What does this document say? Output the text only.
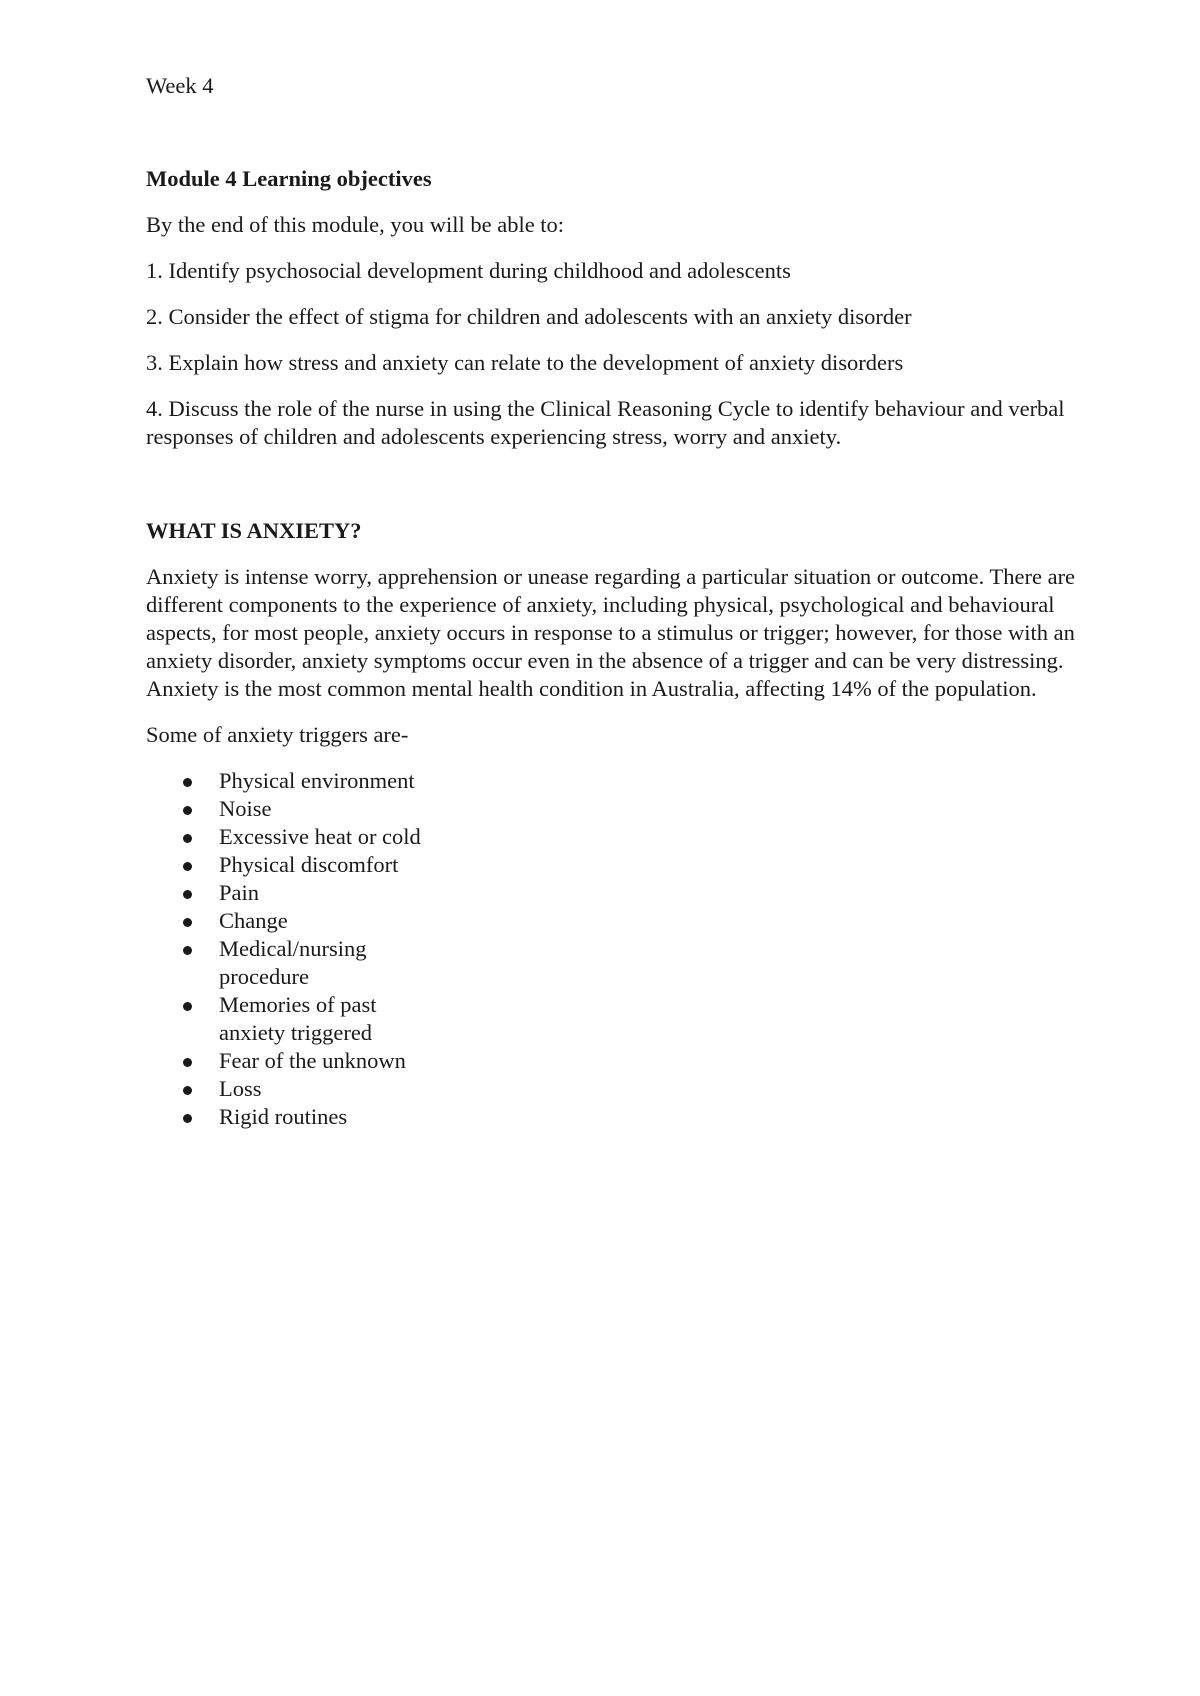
Week 4

Module 4 Learning objectives

By the end of this module, you will be able to:

1. Identify psychosocial development during childhood and adolescents
2. Consider the effect of stigma for children and adolescents with an anxiety disorder
3. Explain how stress and anxiety can relate to the development of anxiety disorders
4. Discuss the role of the nurse in using the Clinical Reasoning Cycle to identify behaviour and verbal responses of children and adolescents experiencing stress, worry and anxiety.

WHAT IS ANXIETY?

Anxiety is intense worry, apprehension or unease regarding a particular situation or outcome. There are different components to the experience of anxiety, including physical, psychological and behavioural aspects, for most people, anxiety occurs in response to a stimulus or trigger; however, for those with an anxiety disorder, anxiety symptoms occur even in the absence of a trigger and can be very distressing. Anxiety is the most common mental health condition in Australia, affecting 14% of the population.

Some of anxiety triggers are-

Physical environment
Noise
Excessive heat or cold
Physical discomfort
Pain
Change
Medical/nursing procedure
Memories of past anxiety triggered
Fear of the unknown
Loss
Rigid routines
